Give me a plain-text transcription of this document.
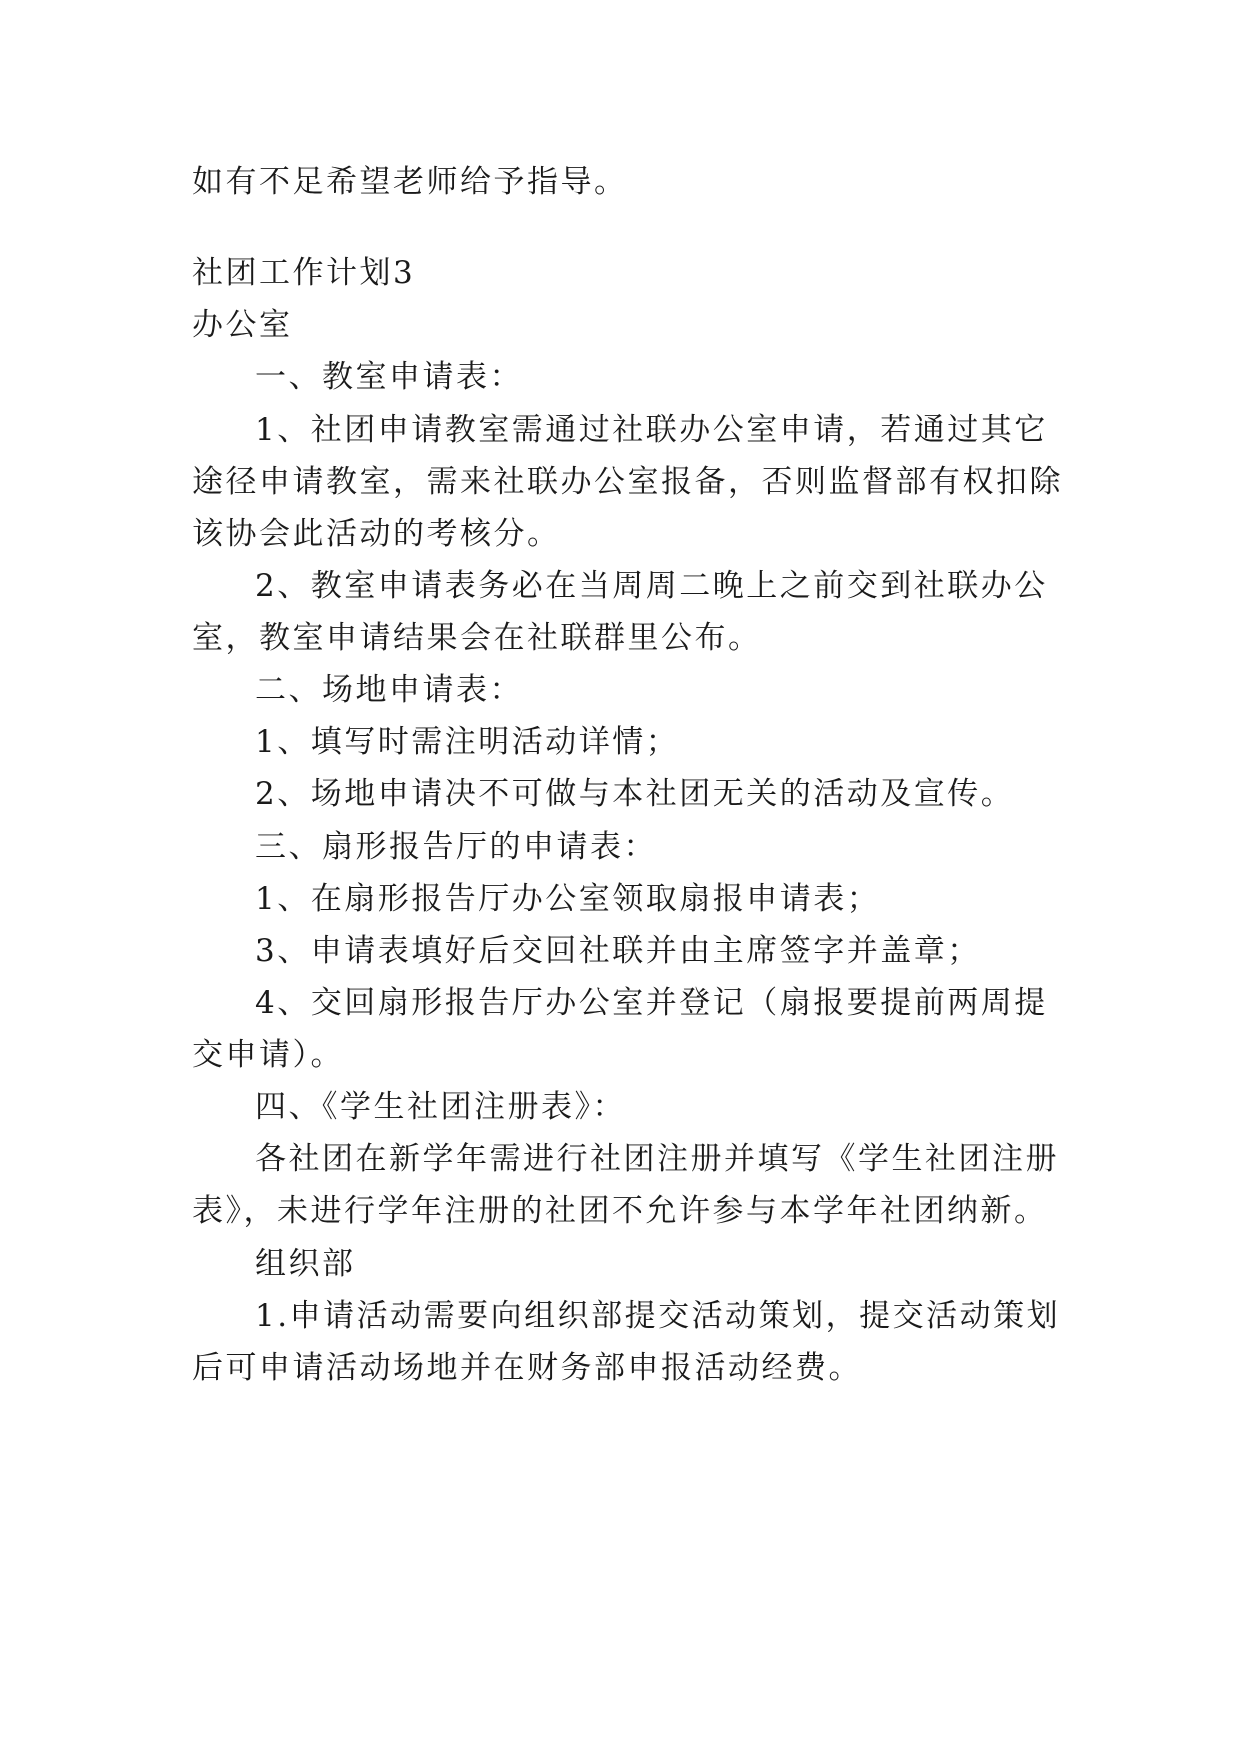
如有不足希望老师给予指导。
社团工作计划3
办公室
一、教室申请表：
1、社团申请教室需通过社联办公室申请，若通过其它
途径申请教室，需来社联办公室报备，否则监督部有权扣除
该协会此活动的考核分。
2、教室申请表务必在当周周二晚上之前交到社联办公
室，教室申请结果会在社联群里公布。
二、场地申请表：
1、填写时需注明活动详情；
2、场地申请决不可做与本社团无关的活动及宣传。
三、扇形报告厅的申请表：
1、在扇形报告厅办公室领取扇报申请表；
3、申请表填好后交回社联并由主席签字并盖章；
4、交回扇形报告厅办公室并登记（扇报要提前两周提
交申请）。
四、《学生社团注册表》：
各社团在新学年需进行社团注册并填写《学生社团注册
表》，未进行学年注册的社团不允许参与本学年社团纳新。
组织部
1.申请活动需要向组织部提交活动策划，提交活动策划
后可申请活动场地并在财务部申报活动经费。
